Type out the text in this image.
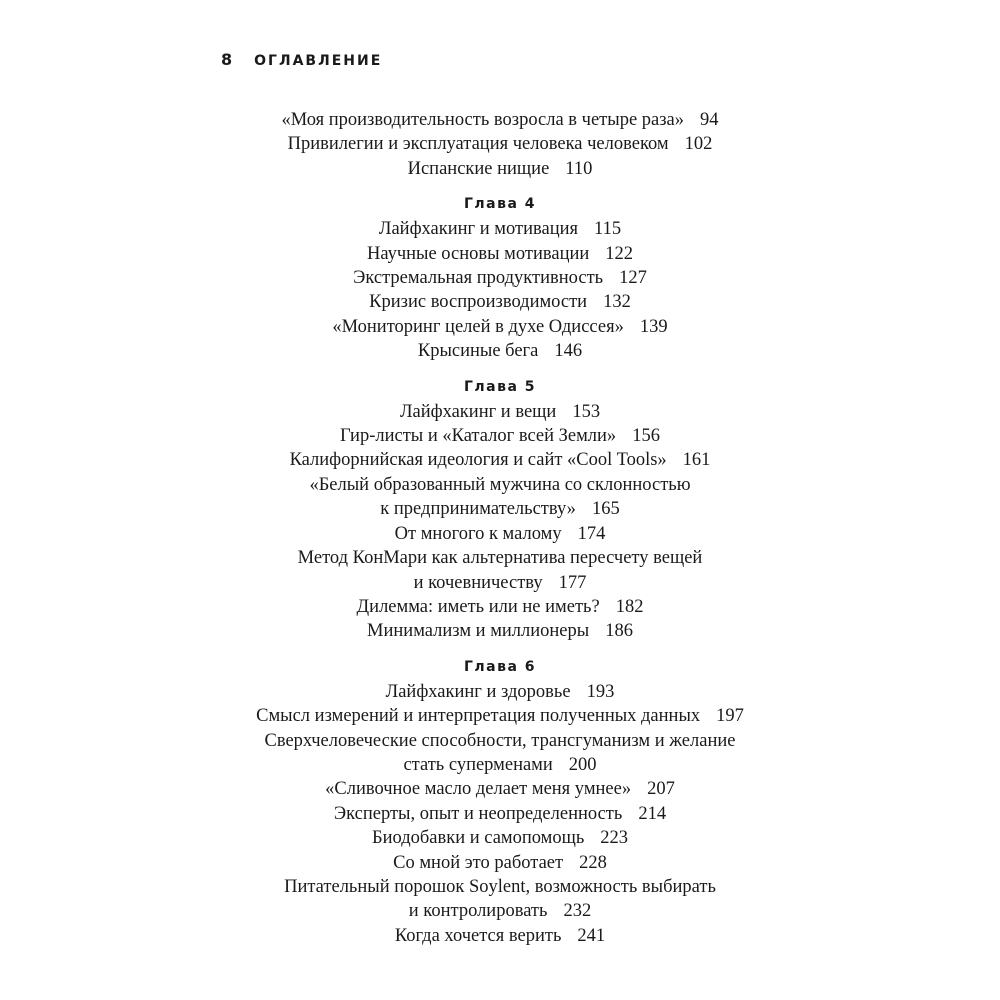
8 ОГЛАВЛЕНИЕ
«Моя производительность возросла в четыре раза» 94
Привилегии и эксплуатация человека человеком 102
Испанские нищие 110
Глава 4
Лайфхакинг и мотивация 115
Научные основы мотивации 122
Экстремальная продуктивность 127
Кризис воспроизводимости 132
«Мониторинг целей в духе Одиссея» 139
Крысиные бега 146
Глава 5
Лайфхакинг и вещи 153
Гир-листы и «Каталог всей Земли» 156
Калифорнийская идеология и сайт «Cool Tools» 161
«Белый образованный мужчина со склонностью
к предпринимательству» 165
От многого к малому 174
Метод КонМари как альтернатива пересчету вещей
и кочевничеству 177
Дилемма: иметь или не иметь? 182
Минимализм и миллионеры 186
Глава 6
Лайфхакинг и здоровье 193
Смысл измерений и интерпретация полученных данных 197
Сверхчеловеческие способности, трансгуманизм и желание
стать суперменами 200
«Сливочное масло делает меня умнее» 207
Эксперты, опыт и неопределенность 214
Биодобавки и самопомощь 223
Со мной это работает 228
Питательный порошок Soylent, возможность выбирать
и контролировать 232
Когда хочется верить 241
